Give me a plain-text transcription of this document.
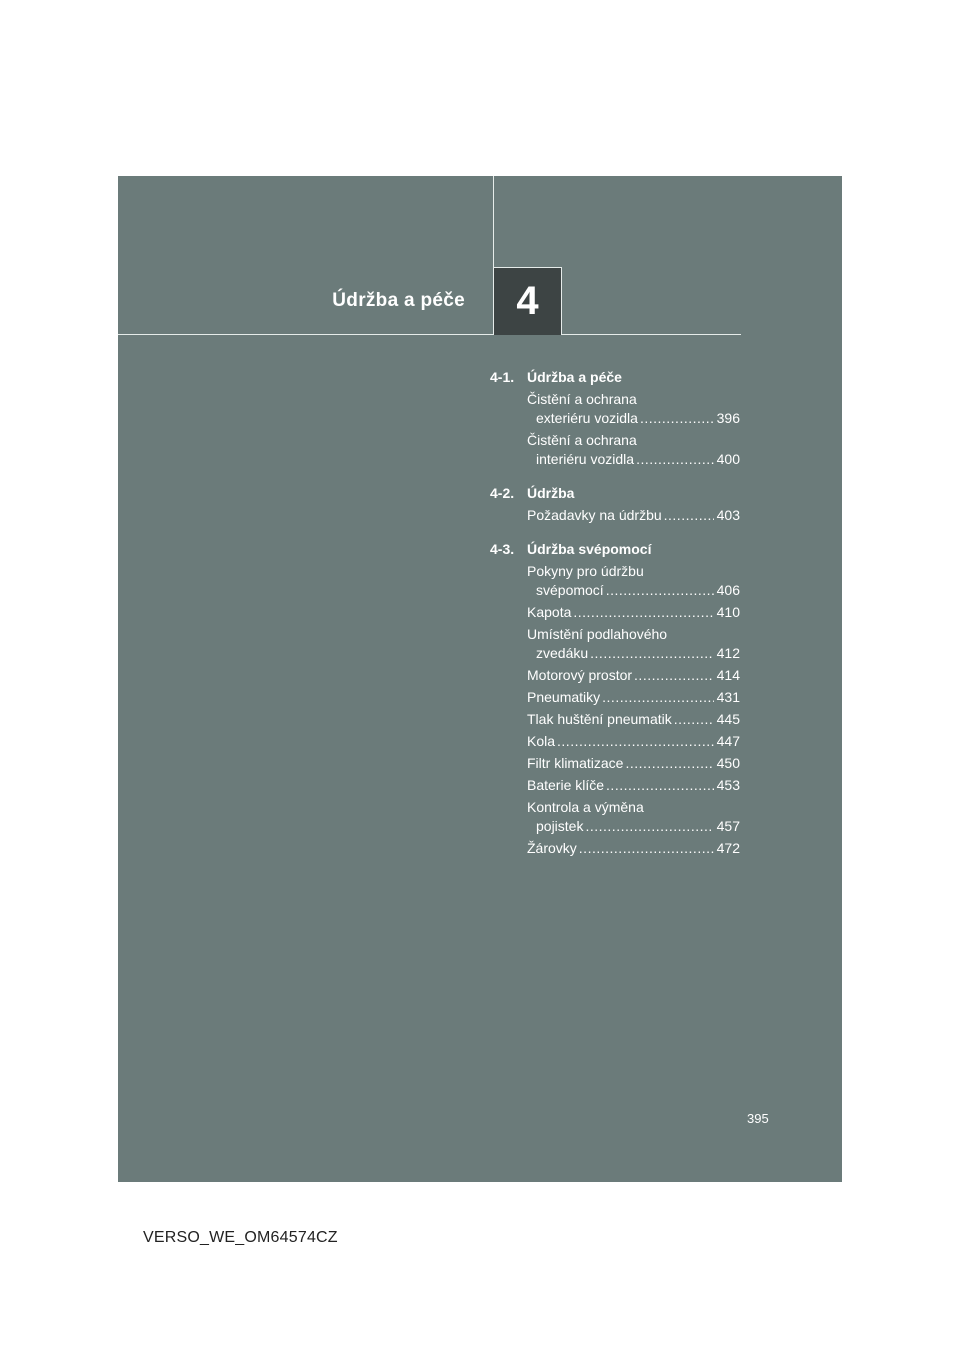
Údržba a péče	4
4-1. Údržba a péče
Čistění a ochrana
exteriéru vozidla .....	396
Čistění a ochrana
interiéru vozidla .....	400
4-2. Údržba
Požadavky na údržbu .....	403
4-3. Údržba svépomocí
Pokyny pro údržbu
svépomocí .....	406
Kapota .....	410
Umístění podlahového
zvedáku .....	412
Motorový prostor .....	414
Pneumatiky .....	431
Tlak huštění pneumatik .....	445
Kola .....	447
Filtr klimatizace .....	450
Baterie klíče .....	453
Kontrola a výměna
pojistek .....	457
Žárovky .....	472
395
VERSO_WE_OM64574CZ
